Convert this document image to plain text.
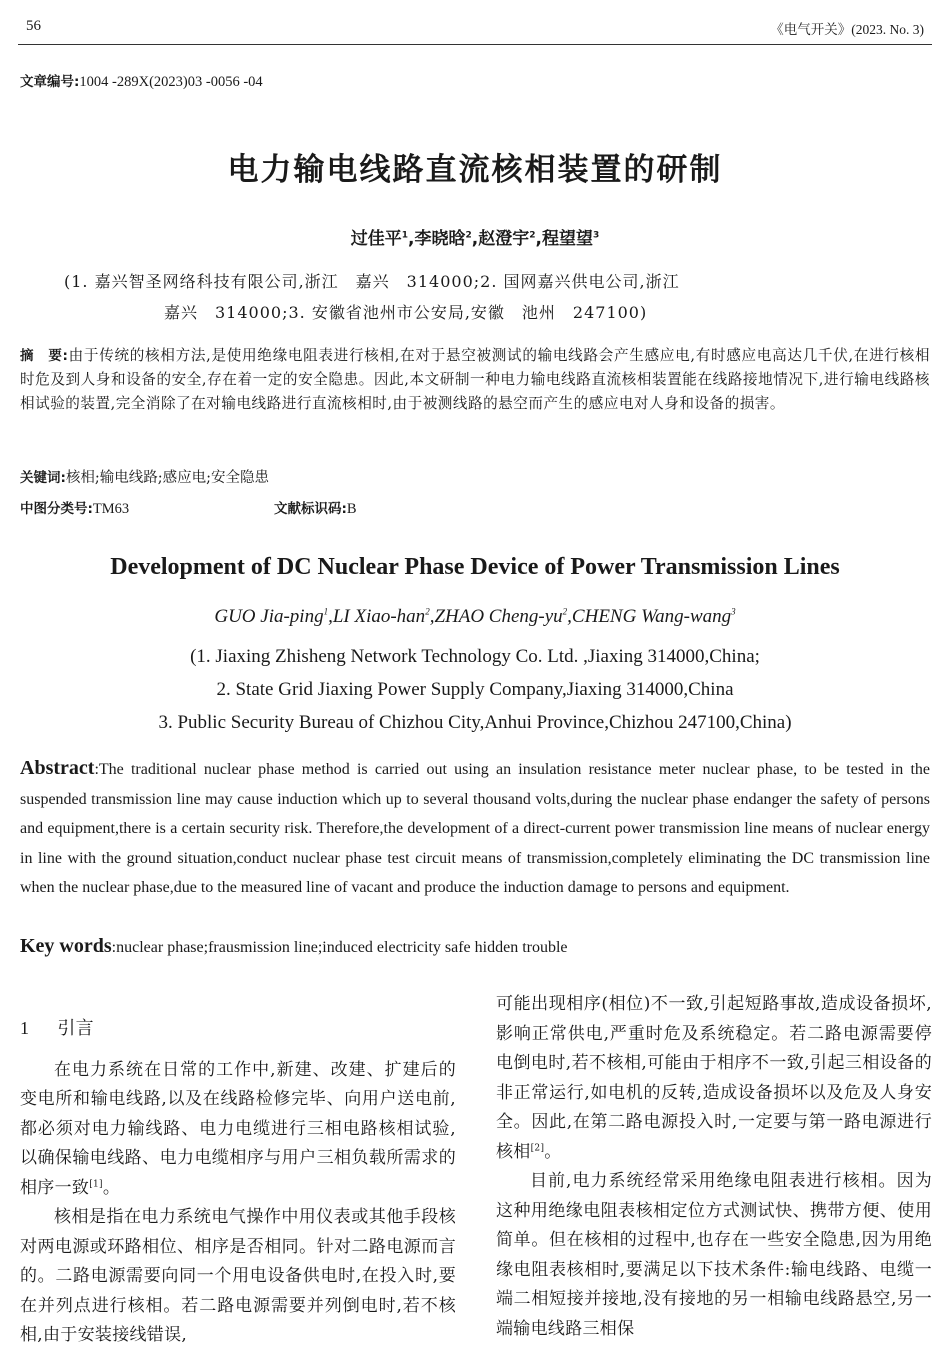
56	《电气开关》(2023. No. 3)
文章编号:1004 -289X(2023)03 -0056 -04
电力输电线路直流核相装置的研制
过佳平$^1$,李晓晗$^2$,赵澄宇$^2$,程望望$^3$
(1. 嘉兴智圣网络科技有限公司,浙江　嘉兴　314000;2. 国网嘉兴供电公司,浙江
嘉兴　314000;3. 安徽省池州市公安局,安徽　池州　247100)
摘　要:由于传统的核相方法,是使用绝缘电阻表进行核相,在对于悬空被测试的输电线路会产生感应电,有时感应电高达几千伏,在进行核相时危及到人身和设备的安全,存在着一定的安全隐患。因此,本文研制一种电力输电线路直流核相装置能在线路接地情况下,进行输电线路核相试验的装置,完全消除了在对输电线路进行直流核相时,由于被测线路的悬空而产生的感应电对人身和设备的损害。
关键词:核相;输电线路;感应电;安全隐患
中图分类号:TM63	文献标识码:B
Development of DC Nuclear Phase Device of Power Transmission Lines
GUO Jia-ping$^1$,LI Xiao-han$^2$,ZHAO Cheng-$yu^2,CHENG$ Wang-wang$^3$
(1. Jiaxing Zhisheng Network Technology Co. Ltd. ,Jiaxing 314000,China;
2. State Grid Jiaxing Power Supply Company,Jiaxing 314000,China
3. Public Security Bureau of Chizhou City,Anhui Province,Chizhou 247100,China)
Abstract:The traditional nuclear phase method is carried out using an insulation resistance meter nuclear phase, to be tested in the suspended transmission line may cause induction which up to several thousand volts,during the nuclear phase endanger the safety of persons and equipment,there is a certain security risk. Therefore,the development of a direct-current power transmission line means of nuclear energy in line with the ground situation,conduct nuclear phase test circuit means of transmission,completely eliminating the DC transmission line when the nuclear phase,due to the measured line of vacant and produce the induction damage to persons and equipment.
Key words:nuclear phase;frausmission line;induced electricity safe hidden trouble
1 引言

在电力系统在日常的工作中,新建、改建、扩建后的变电所和输电线路,以及在线路检修完毕、向用户送电前,都必须对电力输线路、电力电缆进行三相电路核相试验,以确保输电线路、电力电缆相序与用户三相负载所需求的相序一致[1]。

核相是指在电力系统电气操作中用仪表或其他手段核对两电源或环路相位、相序是否相同。针对二路电源而言的。二路电源需要向同一个用电设备供电时,在投入时,要在并列点进行核相。若二路电源需要并列倒电时,若不核相,由于安装接线错误,

可能出现相序(相位)不一致,引起短路事故,造成设备损坏,影响正常供电,严重时危及系统稳定。若二路电源需要停电倒电时,若不核相,可能由于相序不一致,引起三相设备的非正常运行,如电机的反转,造成设备损坏以及危及人身安全。因此,在第二路电源投入时,一定要与第一路电源进行核相[2]。

目前,电力系统经常采用绝缘电阻表进行核相。因为这种用绝缘电阻表核相定位方式测试快、携带方便、使用简单。但在核相的过程中,也存在一些安全隐患,因为用绝缘电阻表核相时,要满足以下技术条件:输电线路、电缆一端二相短接并接地,没有接地的另一相输电线路悬空,另一端输电线路三相保
